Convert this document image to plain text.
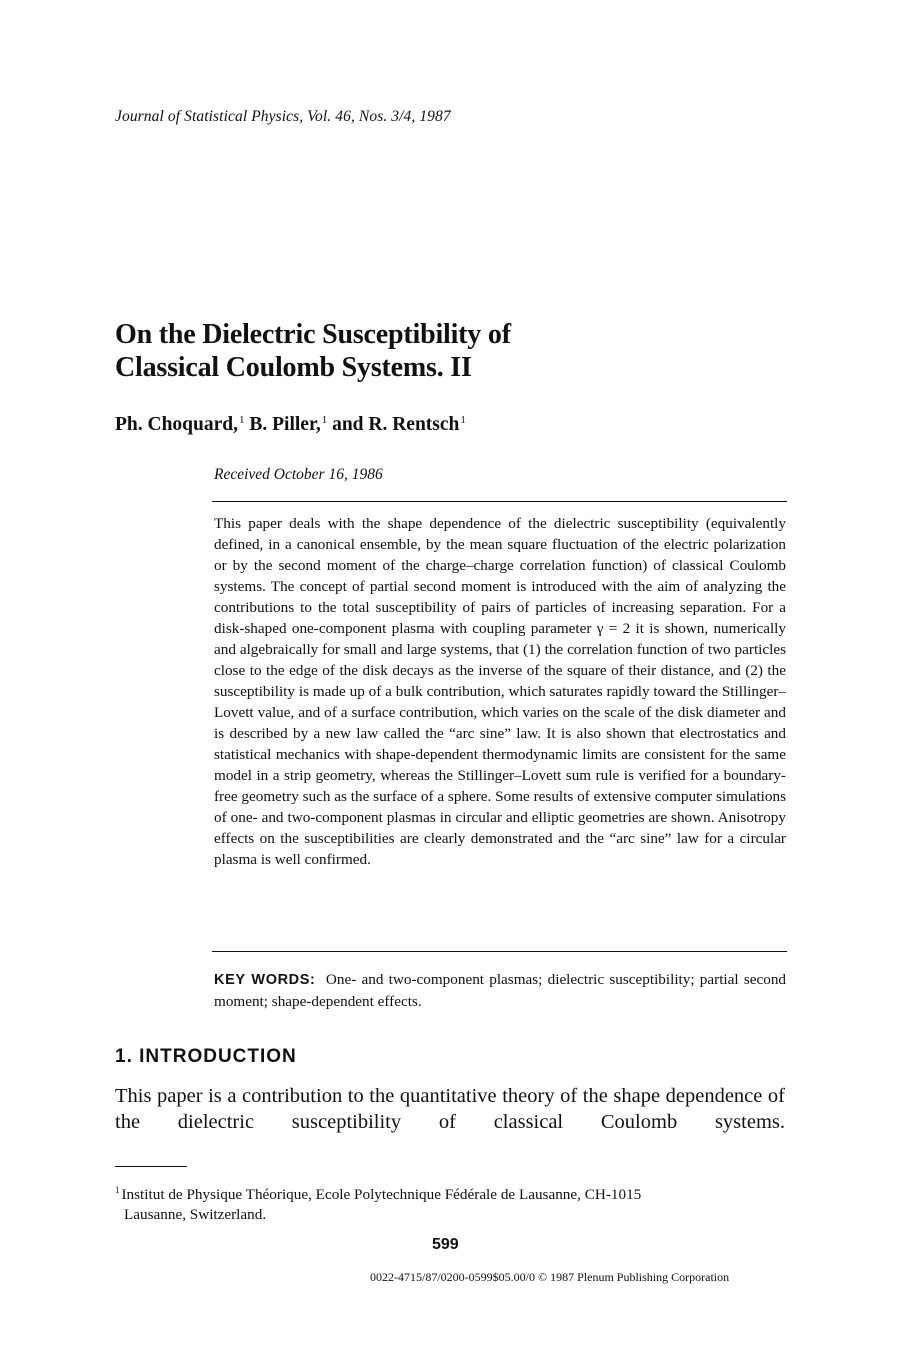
Journal of Statistical Physics, Vol. 46, Nos. 3/4, 1987
On the Dielectric Susceptibility of
Classical Coulomb Systems. II
Ph. Choquard,$^1$ B. Piller,$^1$ and R. Rentsch$^1$
Received October 16, 1986
This paper deals with the shape dependence of the dielectric susceptibility (equivalently defined, in a canonical ensemble, by the mean square fluctuation of the electric polarization or by the second moment of the charge–charge correlation function) of classical Coulomb systems. The concept of partial second moment is introduced with the aim of analyzing the contributions to the total susceptibility of pairs of particles of increasing separation. For a disk-shaped one-component plasma with coupling parameter γ = 2 it is shown, numerically and algebraically for small and large systems, that (1) the correlation function of two particles close to the edge of the disk decays as the inverse of the square of their distance, and (2) the susceptibility is made up of a bulk contribution, which saturates rapidly toward the Stillinger–Lovett value, and of a surface contribution, which varies on the scale of the disk diameter and is described by a new law called the “arc sine” law. It is also shown that electrostatics and statistical mechanics with shape-dependent thermodynamic limits are consistent for the same model in a strip geometry, whereas the Stillinger–Lovett sum rule is verified for a boundary-free geometry such as the surface of a sphere. Some results of extensive computer simulations of one- and two-component plasmas in circular and elliptic geometries are shown. Anisotropy effects on the susceptibilities are clearly demonstrated and the “arc sine” law for a circular plasma is well confirmed.
KEY WORDS: One- and two-component plasmas; dielectric susceptibility; partial second moment; shape-dependent effects.
1. INTRODUCTION
This paper is a contribution to the quantitative theory of the shape dependence of the dielectric susceptibility of classical Coulomb systems.
$^1$ Institut de Physique Théorique, Ecole Polytechnique Fédérale de Lausanne, CH-1015
Lausanne, Switzerland.
599
0022-4715/87/0200-0599$05.00/0 © 1987 Plenum Publishing Corporation
